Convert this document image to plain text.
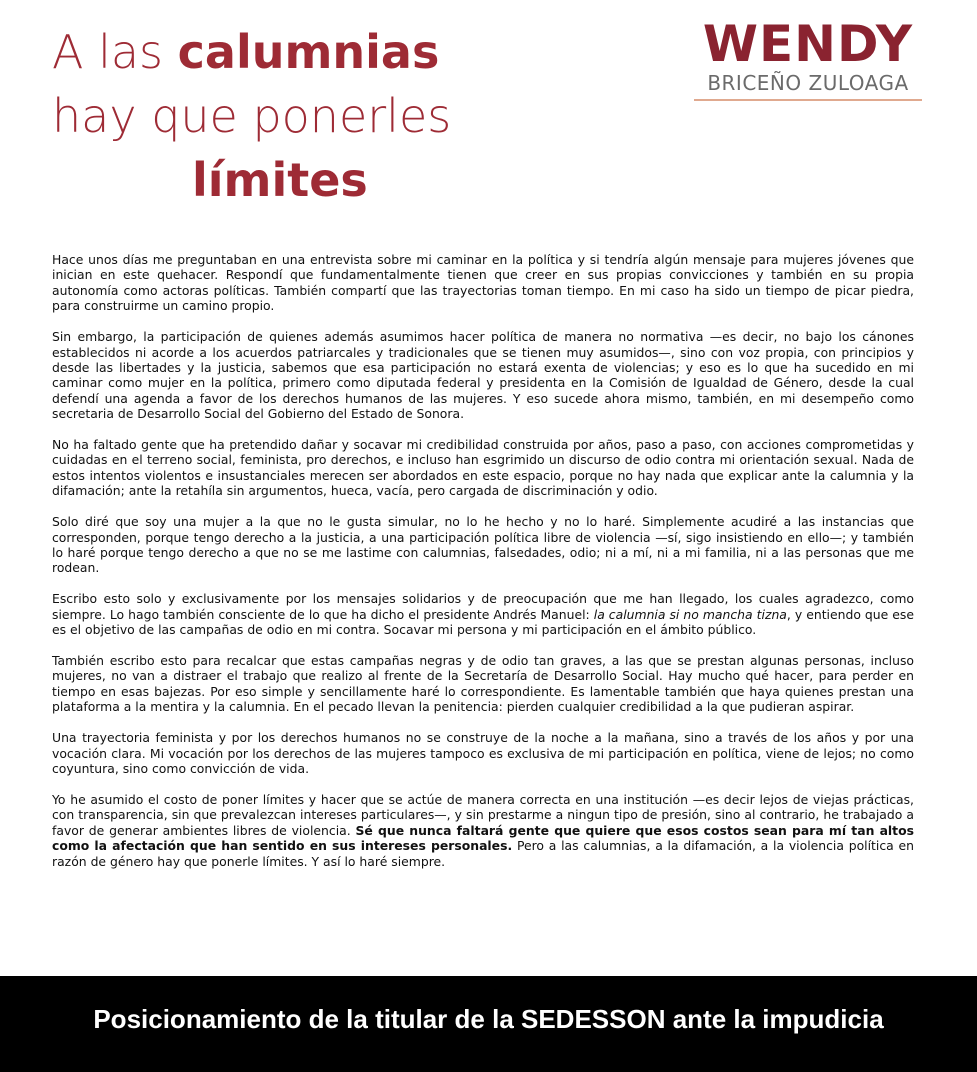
A las calumnias
hay que ponerles
límites
WENDY
BRICEÑO ZULOAGA

Hace unos días me preguntaban en una entrevista sobre mi caminar en la política y si tendría algún mensaje para mujeres jóvenes que inician en este quehacer. Respondí que fundamentalmente tienen que creer en sus propias convicciones y también en su propia autonomía como actoras políticas. También compartí que las trayectorias toman tiempo. En mi caso ha sido un tiempo de picar piedra, para construirme un camino propio.

Sin embargo, la participación de quienes además asumimos hacer política de manera no normativa —es decir, no bajo los cánones establecidos ni acorde a los acuerdos patriarcales y tradicionales que se tienen muy asumidos—, sino con voz propia, con principios y desde las libertades y la justicia, sabemos que esa participación no estará exenta de violencias; y eso es lo que ha sucedido en mi caminar como mujer en la política, primero como diputada federal y presidenta en la Comisión de Igualdad de Género, desde la cual defendí una agenda a favor de los derechos humanos de las mujeres. Y eso sucede ahora mismo, también, en mi desempeño como secretaria de Desarrollo Social del Gobierno del Estado de Sonora.

No ha faltado gente que ha pretendido dañar y socavar mi credibilidad construida por años, paso a paso, con acciones comprometidas y cuidadas en el terreno social, feminista, pro derechos, e incluso han esgrimido un discurso de odio contra mi orientación sexual. Nada de estos intentos violentos e insustanciales merecen ser abordados en este espacio, porque no hay nada que explicar ante la calumnia y la difamación; ante la retahíla sin argumentos, hueca, vacía, pero cargada de discriminación y odio.

Solo diré que soy una mujer a la que no le gusta simular, no lo he hecho y no lo haré. Simplemente acudiré a las instancias que corresponden, porque tengo derecho a la justicia, a una participación política libre de violencia —sí, sigo insistiendo en ello—; y también lo haré porque tengo derecho a que no se me lastime con calumnias, falsedades, odio; ni a mí, ni a mi familia, ni a las personas que me rodean.

Escribo esto solo y exclusivamente por los mensajes solidarios y de preocupación que me han llegado, los cuales agradezco, como siempre. Lo hago también consciente de lo que ha dicho el presidente Andrés Manuel: la calumnia si no mancha tizna, y entiendo que ese es el objetivo de las campañas de odio en mi contra. Socavar mi persona y mi participación en el ámbito público.

También escribo esto para recalcar que estas campañas negras y de odio tan graves, a las que se prestan algunas personas, incluso mujeres, no van a distraer el trabajo que realizo al frente de la Secretaría de Desarrollo Social. Hay mucho qué hacer, para perder en tiempo en esas bajezas. Por eso simple y sencillamente haré lo correspondiente. Es lamentable también que haya quienes prestan una plataforma a la mentira y la calumnia. En el pecado llevan la penitencia: pierden cualquier credibilidad a la que pudieran aspirar.

Una trayectoria feminista y por los derechos humanos no se construye de la noche a la mañana, sino a través de los años y por una vocación clara. Mi vocación por los derechos de las mujeres tampoco es exclusiva de mi participación en política, viene de lejos; no como coyuntura, sino como convicción de vida.

Yo he asumido el costo de poner límites y hacer que se actúe de manera correcta en una institución —es decir lejos de viejas prácticas, con transparencia, sin que prevalezcan intereses particulares—, y sin prestarme a ningun tipo de presión, sino al contrario, he trabajado a favor de generar ambientes libres de violencia. Sé que nunca faltará gente que quiere que esos costos sean para mí tan altos como la afectación que han sentido en sus intereses personales. Pero a las calumnias, a la difamación, a la violencia política en razón de género hay que ponerle límites. Y así lo haré siempre.

Posicionamiento de la titular de la SEDESSON ante la impudicia
